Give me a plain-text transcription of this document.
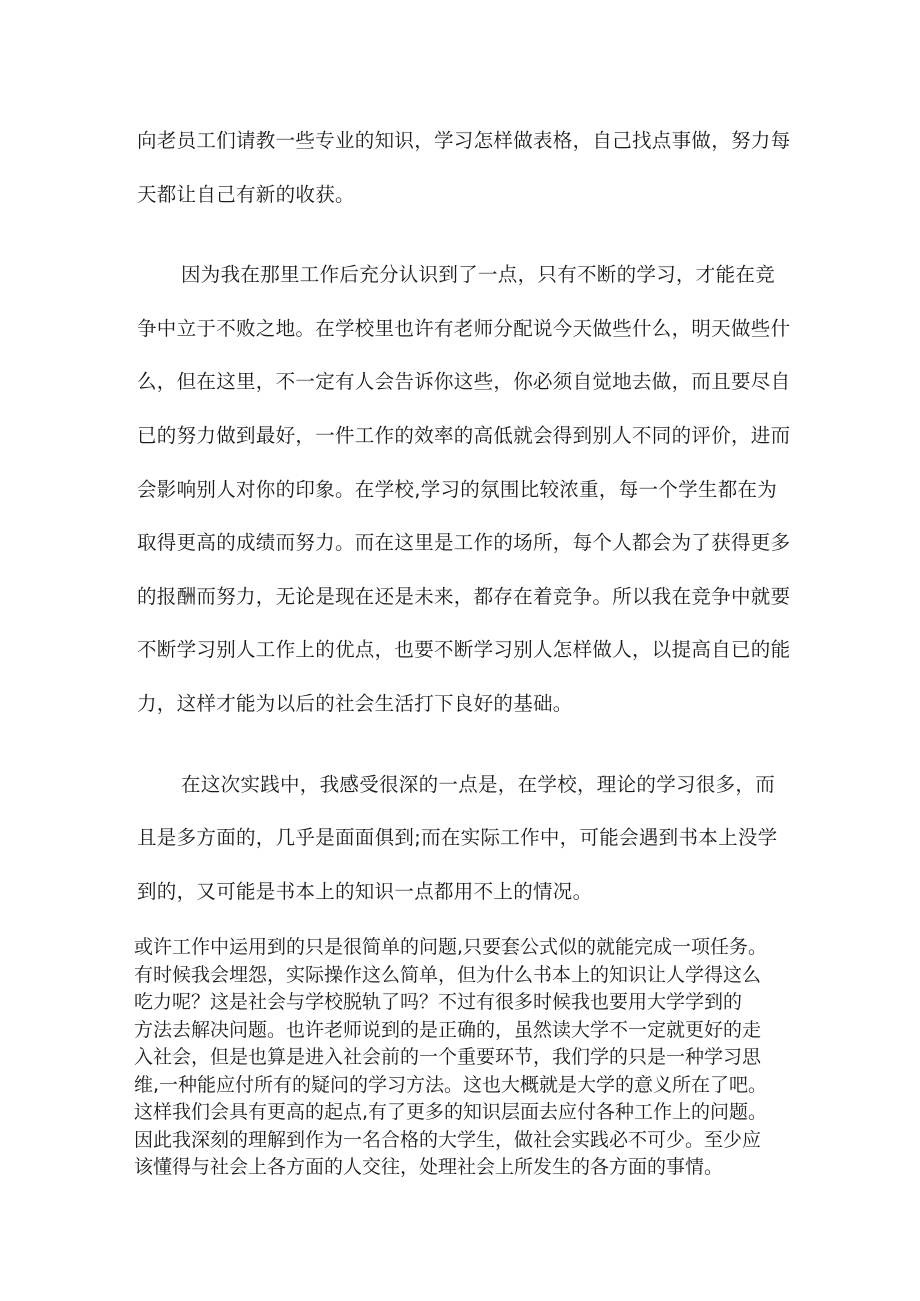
向老员工们请教一些专业的知识，学习怎样做表格，自己找点事做，努力每
天都让自己有新的收获。
因为我在那里工作后充分认识到了一点，只有不断的学习，才能在竞
争中立于不败之地。在学校里也许有老师分配说今天做些什么，明天做些什
么，但在这里，不一定有人会告诉你这些，你必须自觉地去做，而且要尽自
已的努力做到最好，一件工作的效率的高低就会得到别人不同的评价，进而
会影响别人对你的印象。在学校,学习的氛围比较浓重，每一个学生都在为
取得更高的成绩而努力。而在这里是工作的场所，每个人都会为了获得更多
的报酬而努力，无论是现在还是未来，都存在着竞争。所以我在竞争中就要
不断学习别人工作上的优点，也要不断学习别人怎样做人，以提高自已的能
力，这样才能为以后的社会生活打下良好的基础。
在这次实践中，我感受很深的一点是，在学校，理论的学习很多，而
且是多方面的，几乎是面面俱到;而在实际工作中，可能会遇到书本上没学
到的，又可能是书本上的知识一点都用不上的情况。
或许工作中运用到的只是很简单的问题,只要套公式似的就能完成一项任务。
有时候我会埋怨，实际操作这么简单，但为什么书本上的知识让人学得这么
吃力呢？这是社会与学校脱轨了吗？不过有很多时候我也要用大学学到的
方法去解决问题。也许老师说到的是正确的，虽然读大学不一定就更好的走
入社会，但是也算是进入社会前的一个重要环节，我们学的只是一种学习思
维,一种能应付所有的疑问的学习方法。这也大概就是大学的意义所在了吧。
这样我们会具有更高的起点,有了更多的知识层面去应付各种工作上的问题。
因此我深刻的理解到作为一名合格的大学生，做社会实践必不可少。至少应
该懂得与社会上各方面的人交往，处理社会上所发生的各方面的事情。
